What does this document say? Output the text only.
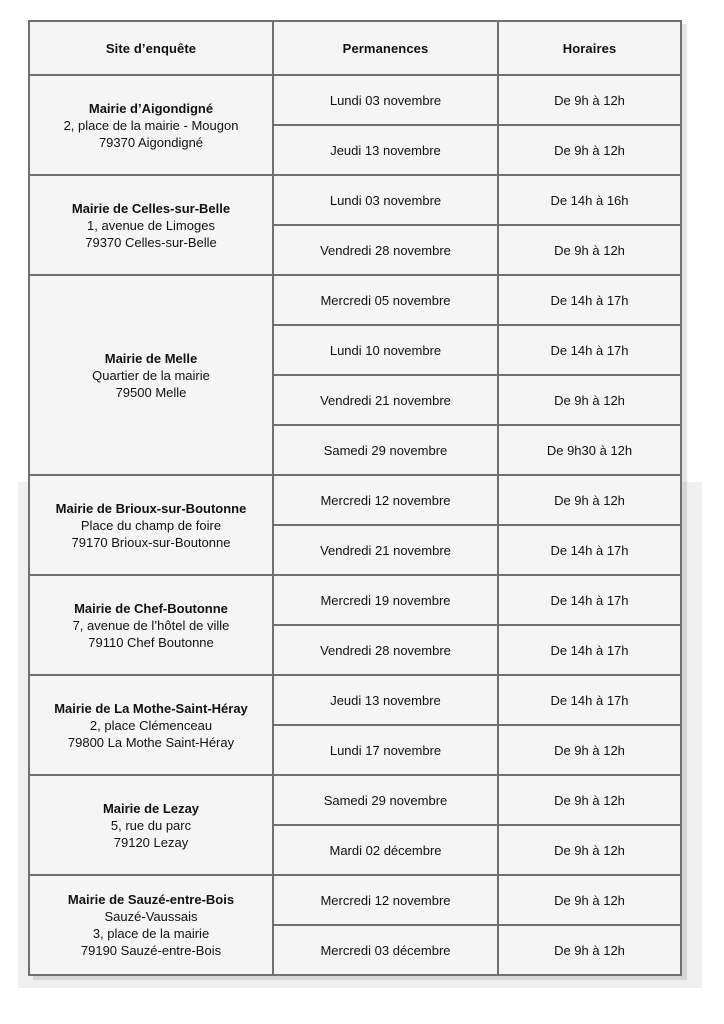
Site d’enquête	Permanences	Horaires

Mairie d’Aigondigné
2, place de la mairie - Mougon
79370 Aigondigné	Lundi 03 novembre	De 9h à 12h
	Jeudi 13 novembre	De 9h à 12h

Mairie de Celles-sur-Belle
1, avenue de Limoges
79370 Celles-sur-Belle	Lundi 03 novembre	De 14h à 16h
	Vendredi 28 novembre	De 9h à 12h

Mairie de Melle
Quartier de la mairie
79500 Melle	Mercredi 05 novembre	De 14h à 17h
	Lundi 10 novembre	De 14h à 17h
	Vendredi 21 novembre	De 9h à 12h
	Samedi 29 novembre	De 9h30 à 12h

Mairie de Brioux-sur-Boutonne
Place du champ de foire
79170 Brioux-sur-Boutonne	Mercredi 12 novembre	De 9h à 12h
	Vendredi 21 novembre	De 14h à 17h

Mairie de Chef-Boutonne
7, avenue de l’hôtel de ville
79110 Chef Boutonne	Mercredi 19 novembre	De 14h à 17h
	Vendredi 28 novembre	De 14h à 17h

Mairie de La Mothe-Saint-Héray
2, place Clémenceau
79800 La Mothe Saint-Héray	Jeudi 13 novembre	De 14h à 17h
	Lundi 17 novembre	De 9h à 12h

Mairie de Lezay
5, rue du parc
79120 Lezay	Samedi 29 novembre	De 9h à 12h
	Mardi 02 décembre	De 9h à 12h

Mairie de Sauzé-entre-Bois
Sauzé-Vaussais
3, place de la mairie
79190 Sauzé-entre-Bois	Mercredi 12 novembre	De 9h à 12h
	Mercredi 03 décembre	De 9h à 12h
